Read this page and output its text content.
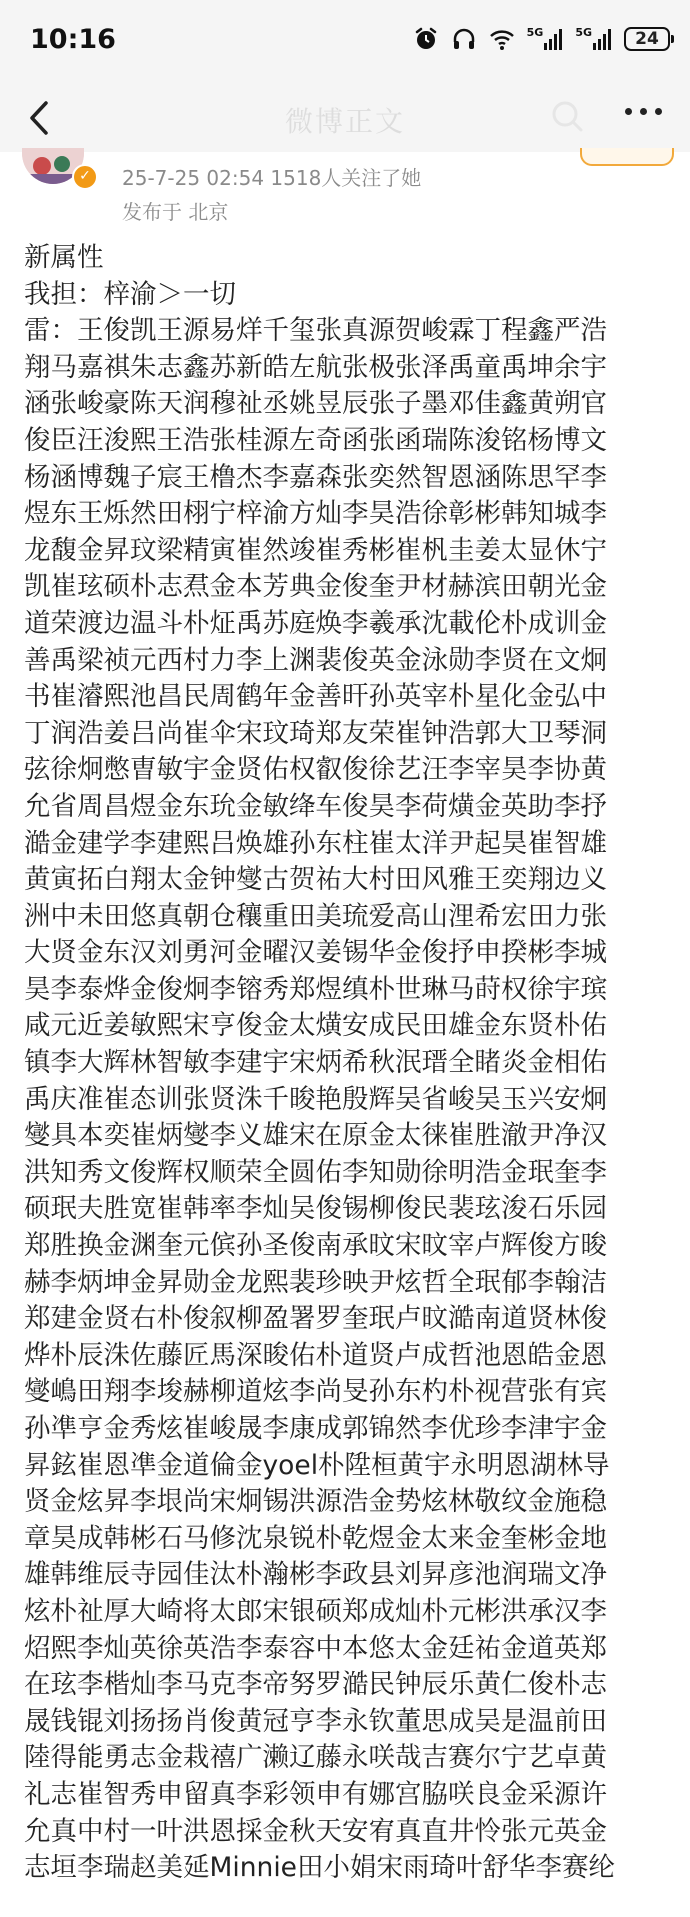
10:16	5G	5G	24
微博正文
✓	25-7-25 02:54 1518人关注了她
发布于 北京
新属性
我担：梓渝＞一切
雷：王俊凯王源易烊千玺张真源贺峻霖丁程鑫严浩
翔马嘉祺朱志鑫苏新皓左航张极张泽禹童禹坤余宇
涵张峻豪陈天润穆祉丞姚昱辰张子墨邓佳鑫黄朔官
俊臣汪浚熙王浩张桂源左奇函张函瑞陈浚铭杨博文
杨涵博魏子宸王橹杰李嘉森张奕然智恩涵陈思罕李
煜东王烁然田栩宁梓渝方灿李昊浩徐彰彬韩知城李
龙馥金昇玟梁精寅崔然竣崔秀彬崔杋圭姜太显休宁
凯崔玹硕朴志焄金本芳典金俊奎尹材赫滨田朝光金
道荣渡边温斗朴炡禹苏庭焕李羲承沈載伦朴成训金
善禹梁祯元西村力李上渊裴俊英金泳勋李贤在文炯
书崔濬熙池昌民周鹤年金善旰孙英宰朴星化金弘中
丁润浩姜吕尚崔伞宋玟琦郑友荣崔钟浩郭大卫琴洞
弦徐炯憋曺敏宇金贤佑权叡俊徐艺汪李宰昊李协黄
允省周昌煜金东玧金敏绛车俊昊李荷熿金英助李抒
澔金建学李建熙吕焕雄孙东柱崔太洋尹起昊崔智雄
黄寅拓白翔太金钟燮古贺祐大村田风雅王奕翔边义
洲中未田悠真朝仓穰重田美琉爱高山浬希宏田力张
大贤金东汉刘勇河金曜汉姜锡华金俊抒申揆彬李城
昊李泰烨金俊炯李镕秀郑煜缜朴世琳马莳权徐宇瑸
咸元近姜敏熙宋亨俊金太熿安成民田雄金东贤朴佑
镇李大辉林智敏李建宇宋炳希秋泯瑨全睹炎金相佑
禹庆准崔态训张贤洙千晙艳殷辉吴省峻吴玉兴安炯
燮具本奕崔炳燮李义雄宋在原金太徕崔胜澈尹净汉
洪知秀文俊辉权顺荣全圆佑李知勋徐明浩金珉奎李
硕珉夫胜宽崔韩率李灿吴俊锡柳俊民裴玹浚石乐园
郑胜换金渊奎元傧孙圣俊南承旼宋旼宰卢辉俊方晙
赫李炳坤金昇勋金龙熙裴珍映尹炫哲全珉郁李翰洁
郑建金贤右朴俊叙柳盈署罗奎珉卢旼澔南道贤林俊
烨朴辰洙佐藤匠馬深晙佑朴道贤卢成哲池恩皓金恩
燮嶋田翔李埈赫柳道炫李尚旻孙东杓朴视营张有宾
孙凖亨金秀炫崔峻晟李康成郭锦然李优珍李津宇金
昇鉉崔恩凖金道倫金yoel朴陞桓黄宇永明恩湖林导
贤金炫昇李垠尚宋炯锡洪源浩金势炫林敬纹金施稳
章昊成韩彬石马修沈泉锐朴乾煜金太来金奎彬金地
雄韩维辰寺园佳汰朴瀚彬李政县刘昇彦池润瑞文净
炫朴祉厚大崎将太郎宋银硕郑成灿朴元彬洪承汉李
炤熙李灿英徐英浩李泰容中本悠太金廷祐金道英郑
在玹李楷灿李马克李帝努罗澔民钟辰乐黄仁俊朴志
晟钱锟刘扬扬肖俊黄冠亨李永钦董思成吴是温前田
陸得能勇志金栽禧广濑辽藤永咲哉吉赛尔宁艺卓黄
礼志崔智秀申留真李彩领申有娜宫脇咲良金采源许
允真中村一叶洪恩採金秋天安宥真直井怜张元英金
志垣李瑞赵美延Minnie田小娟宋雨琦叶舒华李赛纶
